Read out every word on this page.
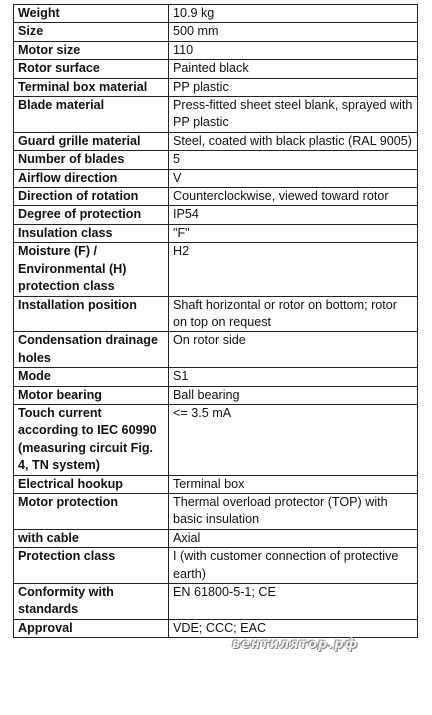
Weight	10.9 kg
Size	500 mm
Motor size	110
Rotor surface	Painted black
Terminal box material	PP plastic
Blade material	Press-fitted sheet steel blank, sprayed with PP plastic
Guard grille material	Steel, coated with black plastic (RAL 9005)
Number of blades	5
Airflow direction	V
Direction of rotation	Counterclockwise, viewed toward rotor
Degree of protection	IP54
Insulation class	"F"
Moisture (F) / Environmental (H) protection class	H2
Installation position	Shaft horizontal or rotor on bottom; rotor on top on request
Condensation drainage holes	On rotor side
Mode	S1
Motor bearing	Ball bearing
Touch current according to IEC 60990 (measuring circuit Fig. 4, TN system)	<= 3.5 mA
Electrical hookup	Terminal box
Motor protection	Thermal overload protector (TOP) with basic insulation
with cable	Axial
Protection class	I (with customer connection of protective earth)
Conformity with standards	EN 61800-5-1; CE
Approval	VDE; CCC; EAC
вентилятор.рф
